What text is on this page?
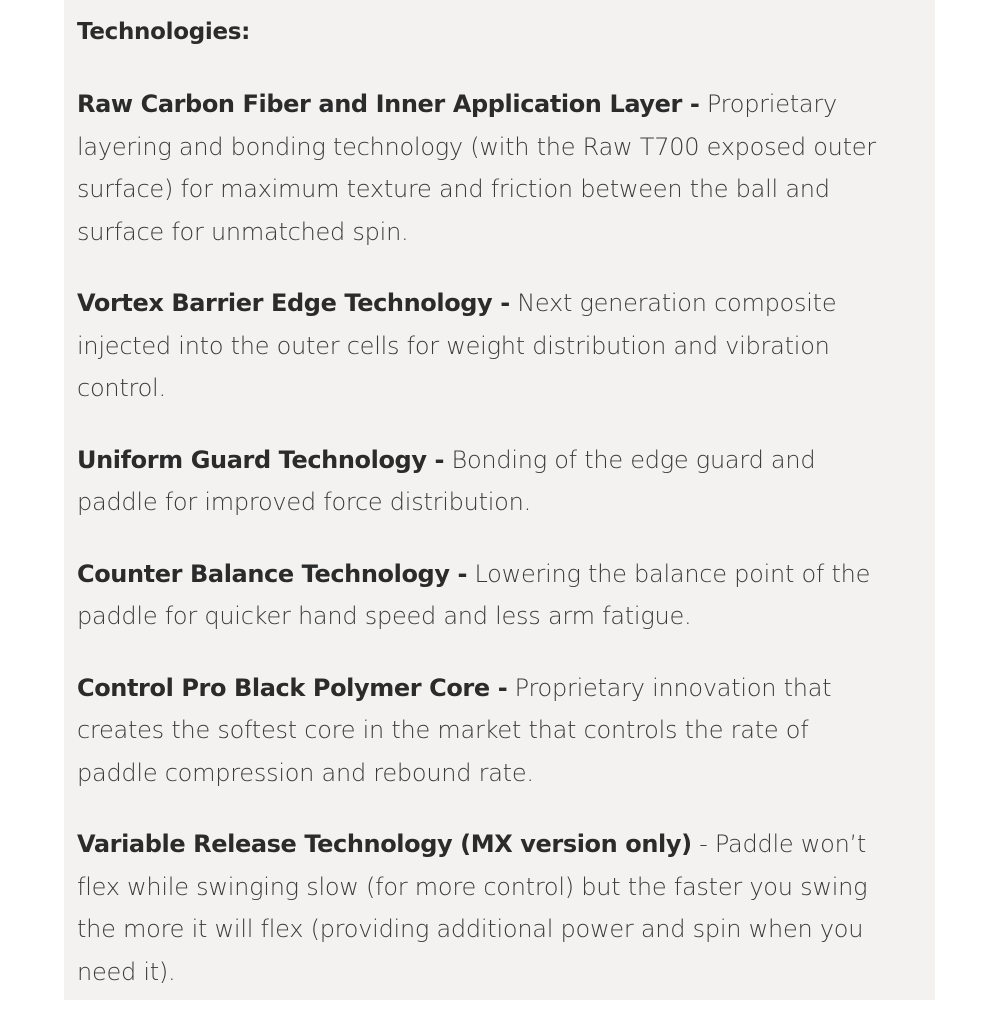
Technologies:
Raw Carbon Fiber and Inner Application Layer - Proprietary layering and bonding technology (with the Raw T700 exposed outer surface) for maximum texture and friction between the ball and surface for unmatched spin.
Vortex Barrier Edge Technology - Next generation composite injected into the outer cells for weight distribution and vibration control.
Uniform Guard Technology - Bonding of the edge guard and paddle for improved force distribution.
Counter Balance Technology - Lowering the balance point of the paddle for quicker hand speed and less arm fatigue.
Control Pro Black Polymer Core - Proprietary innovation that creates the softest core in the market that controls the rate of paddle compression and rebound rate.
Variable Release Technology (MX version only) - Paddle won’t flex while swinging slow (for more control) but the faster you swing the more it will flex (providing additional power and spin when you need it).
